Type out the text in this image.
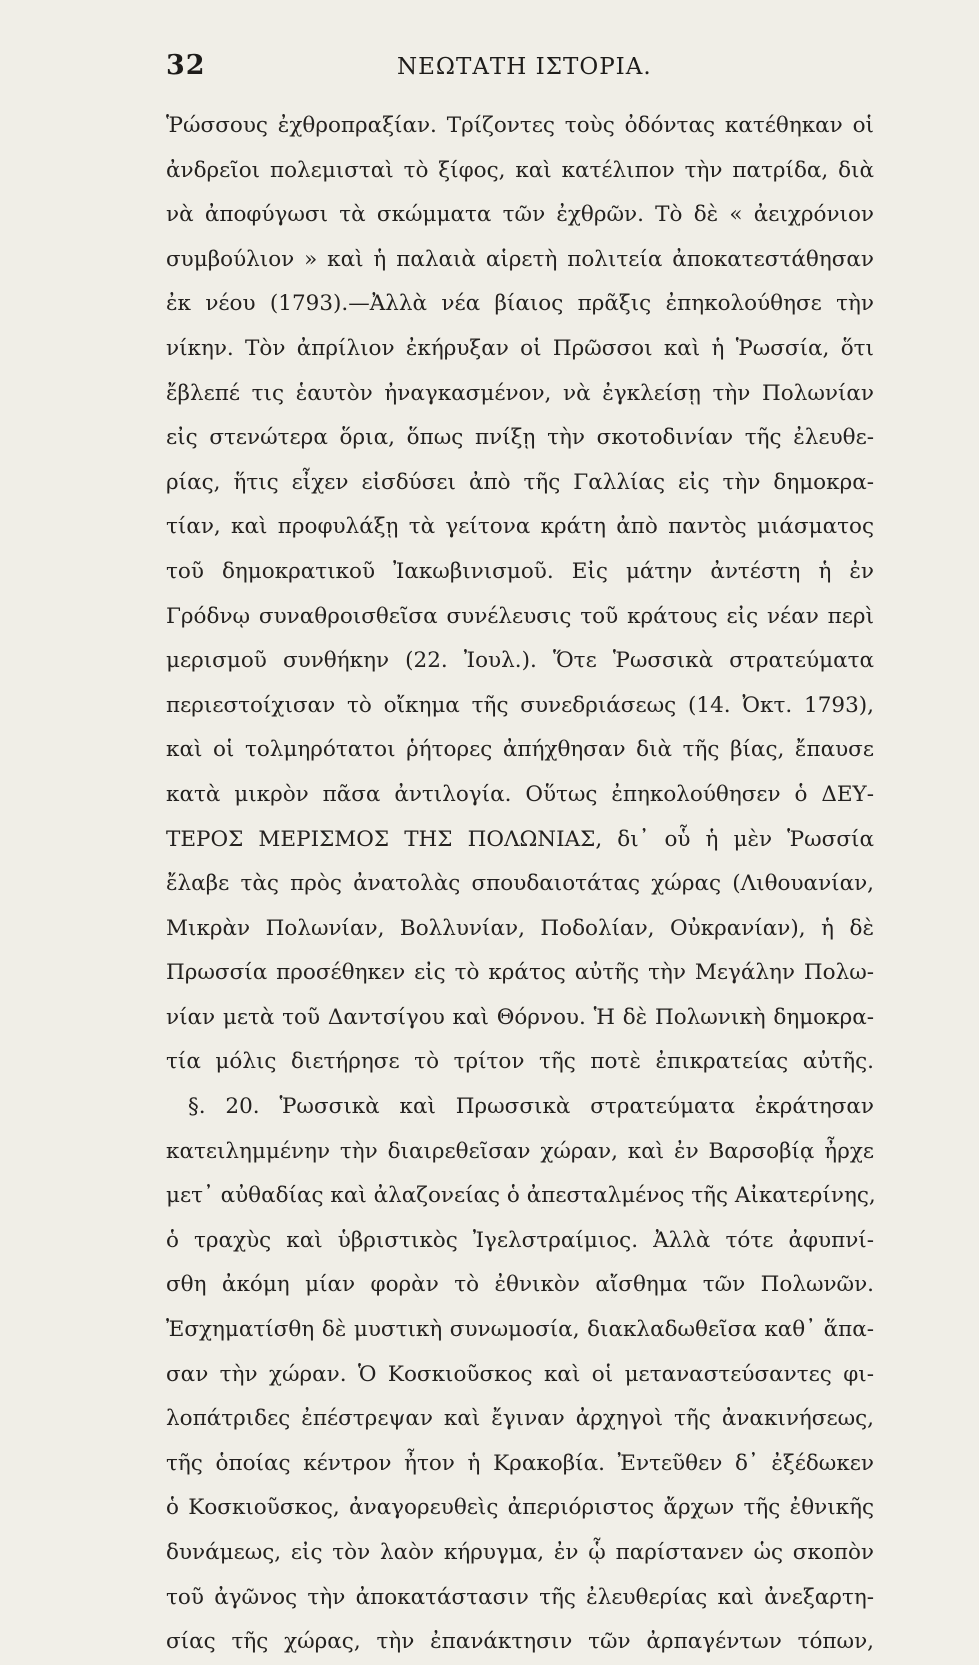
32	ΝΕΩΤΑΤΗ ΙΣΤΟΡΙΑ.
Ῥώσσους ἐχθροπραξίαν. Τρίζοντες τοὺς ὀδόντας κατέθηκαν οἱ
ἀνδρεῖοι πολεμισταὶ τὸ ξίφος, καὶ κατέλιπον τὴν πατρίδα, διὰ
νὰ ἀποφύγωσι τὰ σκώμματα τῶν ἐχθρῶν. Τὸ δὲ « ἀειχρόνιον
συμβούλιον » καὶ ἡ παλαιὰ αἱρετὴ πολιτεία ἀποκατεστάθησαν
ἐκ νέου (1793).—Ἀλλὰ νέα βίαιος πρᾶξις ἐπηκολούθησε τὴν
νίκην. Τὸν ἀπρίλιον ἐκήρυξαν οἱ Πρῶσσοι καὶ ἡ Ῥωσσία, ὅτι
ἔβλεπέ τις ἑαυτὸν ἠναγκασμένον, νὰ ἐγκλείσῃ τὴν Πολωνίαν
εἰς στενώτερα ὅρια, ὅπως πνίξῃ τὴν σκοτοδινίαν τῆς ἐλευθε-
ρίας, ἥτις εἶχεν εἰσδύσει ἀπὸ τῆς Γαλλίας εἰς τὴν δημοκρα-
τίαν, καὶ προφυλάξῃ τὰ γείτονα κράτη ἀπὸ παντὸς μιάσματος
τοῦ δημοκρατικοῦ Ἰακωβινισμοῦ. Εἰς μάτην ἀντέστη ἡ ἐν
Γρόδνῳ συναθροισθεῖσα συνέλευσις τοῦ κράτους εἰς νέαν περὶ
μερισμοῦ συνθήκην (22. Ἰουλ.). Ὅτε Ῥωσσικὰ στρατεύματα
περιεστοίχισαν τὸ οἴκημα τῆς συνεδριάσεως (14. Ὀκτ. 1793),
καὶ οἱ τολμηρότατοι ῥήτορες ἀπήχθησαν διὰ τῆς βίας, ἔπαυσε
κατὰ μικρὸν πᾶσα ἀντιλογία. Οὕτως ἐπηκολούθησεν ὁ ΔΕΥ-
ΤΕΡΟΣ ΜΕΡΙΣΜΟΣ ΤΗΣ ΠΟΛΩΝΙΑΣ, δι᾽ οὗ ἡ μὲν Ῥωσσία
ἔλαβε τὰς πρὸς ἀνατολὰς σπουδαιοτάτας χώρας (Λιθουανίαν,
Μικρὰν Πολωνίαν, Βολλυνίαν, Ποδολίαν, Οὐκρανίαν), ἡ δὲ
Πρωσσία προσέθηκεν εἰς τὸ κράτος αὐτῆς τὴν Μεγάλην Πολω-
νίαν μετὰ τοῦ Δαντσίγου καὶ Θόρνου. Ἡ δὲ Πολωνικὴ δημοκρα-
τία μόλις διετήρησε τὸ τρίτον τῆς ποτὲ ἐπικρατείας αὐτῆς.
§. 20. Ῥωσσικὰ καὶ Πρωσσικὰ στρατεύματα ἐκράτησαν
κατειλημμένην τὴν διαιρεθεῖσαν χώραν, καὶ ἐν Βαρσοβίᾳ ἦρχε
μετ᾽ αὐθαδίας καὶ ἀλαζονείας ὁ ἀπεσταλμένος τῆς Αἰκατερίνης,
ὁ τραχὺς καὶ ὑβριστικὸς Ἰγελστραίμιος. Ἀλλὰ τότε ἀφυπνί-
σθη ἀκόμη μίαν φορὰν τὸ ἐθνικὸν αἴσθημα τῶν Πολωνῶν.
Ἐσχηματίσθη δὲ μυστικὴ συνωμοσία, διακλαδωθεῖσα καθ᾽ ἅπα-
σαν τὴν χώραν. Ὁ Κοσκιοῦσκος καὶ οἱ μεταναστεύσαντες φι-
λοπάτριδες ἐπέστρεψαν καὶ ἔγιναν ἀρχηγοὶ τῆς ἀνακινήσεως,
τῆς ὁποίας κέντρον ἦτον ἡ Κρακοβία. Ἐντεῦθεν δ᾽ ἐξέδωκεν
ὁ Κοσκιοῦσκος, ἀναγορευθεὶς ἀπεριόριστος ἄρχων τῆς ἐθνικῆς
δυνάμεως, εἰς τὸν λαὸν κήρυγμα, ἐν ᾧ παρίστανεν ὡς σκοπὸν
τοῦ ἀγῶνος τὴν ἀποκατάστασιν τῆς ἐλευθερίας καὶ ἀνεξαρτη-
σίας τῆς χώρας, τὴν ἐπανάκτησιν τῶν ἀρπαγέντων τόπων,
